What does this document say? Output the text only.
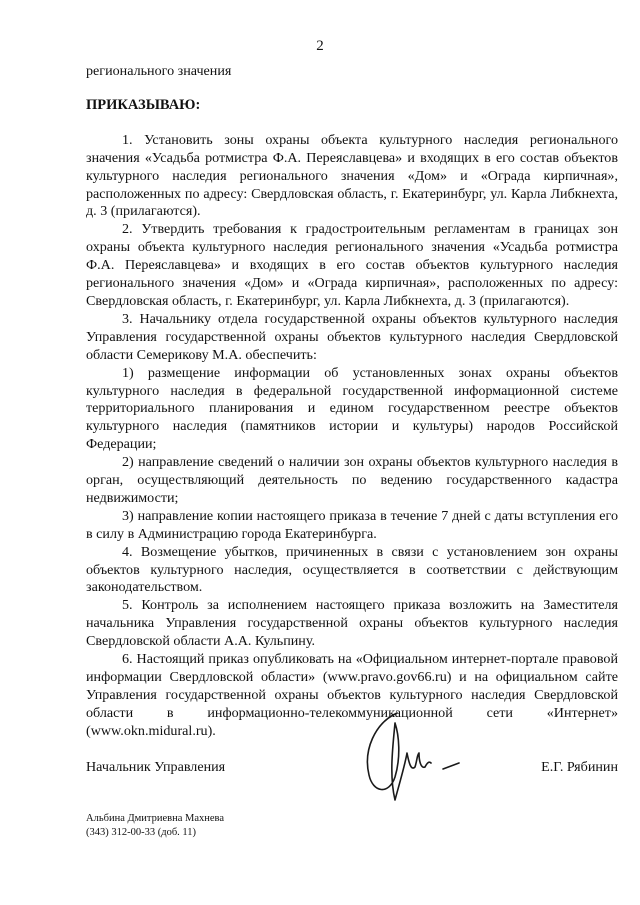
2

регионального значения

ПРИКАЗЫВАЮ:

1. Установить зоны охраны объекта культурного наследия регионального значения «Усадьба ротмистра Ф.А. Переяславцева» и входящих в его состав объектов культурного наследия регионального значения «Дом» и «Ограда кирпичная», расположенных по адресу: Свердловская область, г. Екатеринбург, ул. Карла Либкнехта, д. 3 (прилагаются).

2. Утвердить требования к градостроительным регламентам в границах зон охраны объекта культурного наследия регионального значения «Усадьба ротмистра Ф.А. Переяславцева» и входящих в его состав объектов культурного наследия регионального значения «Дом» и «Ограда кирпичная», расположенных по адресу: Свердловская область, г. Екатеринбург, ул. Карла Либкнехта, д. 3 (прилагаются).

3. Начальнику отдела государственной охраны объектов культурного наследия Управления государственной охраны объектов культурного наследия Свердловской области Семерикову М.А. обеспечить:

1) размещение информации об установленных зонах охраны объектов культурного наследия в федеральной государственной информационной системе территориального планирования и едином государственном реестре объектов культурного наследия (памятников истории и культуры) народов Российской Федерации;

2) направление сведений о наличии зон охраны объектов культурного наследия в орган, осуществляющий деятельность по ведению государственного кадастра недвижимости;

3) направление копии настоящего приказа в течение 7 дней с даты вступления его в силу в Администрацию города Екатеринбурга.

4. Возмещение убытков, причиненных в связи с установлением зон охраны объектов культурного наследия, осуществляется в соответствии с действующим законодательством.

5. Контроль за исполнением настоящего приказа возложить на Заместителя начальника Управления государственной охраны объектов культурного наследия Свердловской области А.А. Кульпину.

6. Настоящий приказ опубликовать на «Официальном интернет-портале правовой информации Свердловской области» (www.pravo.gov66.ru) и на официальном сайте Управления государственной охраны объектов культурного наследия Свердловской области в информационно-телекоммуникационной сети «Интернет» (www.okn.midural.ru).

Начальник Управления	Е.Г. Рябинин
Альбина Дмитриевна Махнева
(343) 312-00-33 (доб. 11)
